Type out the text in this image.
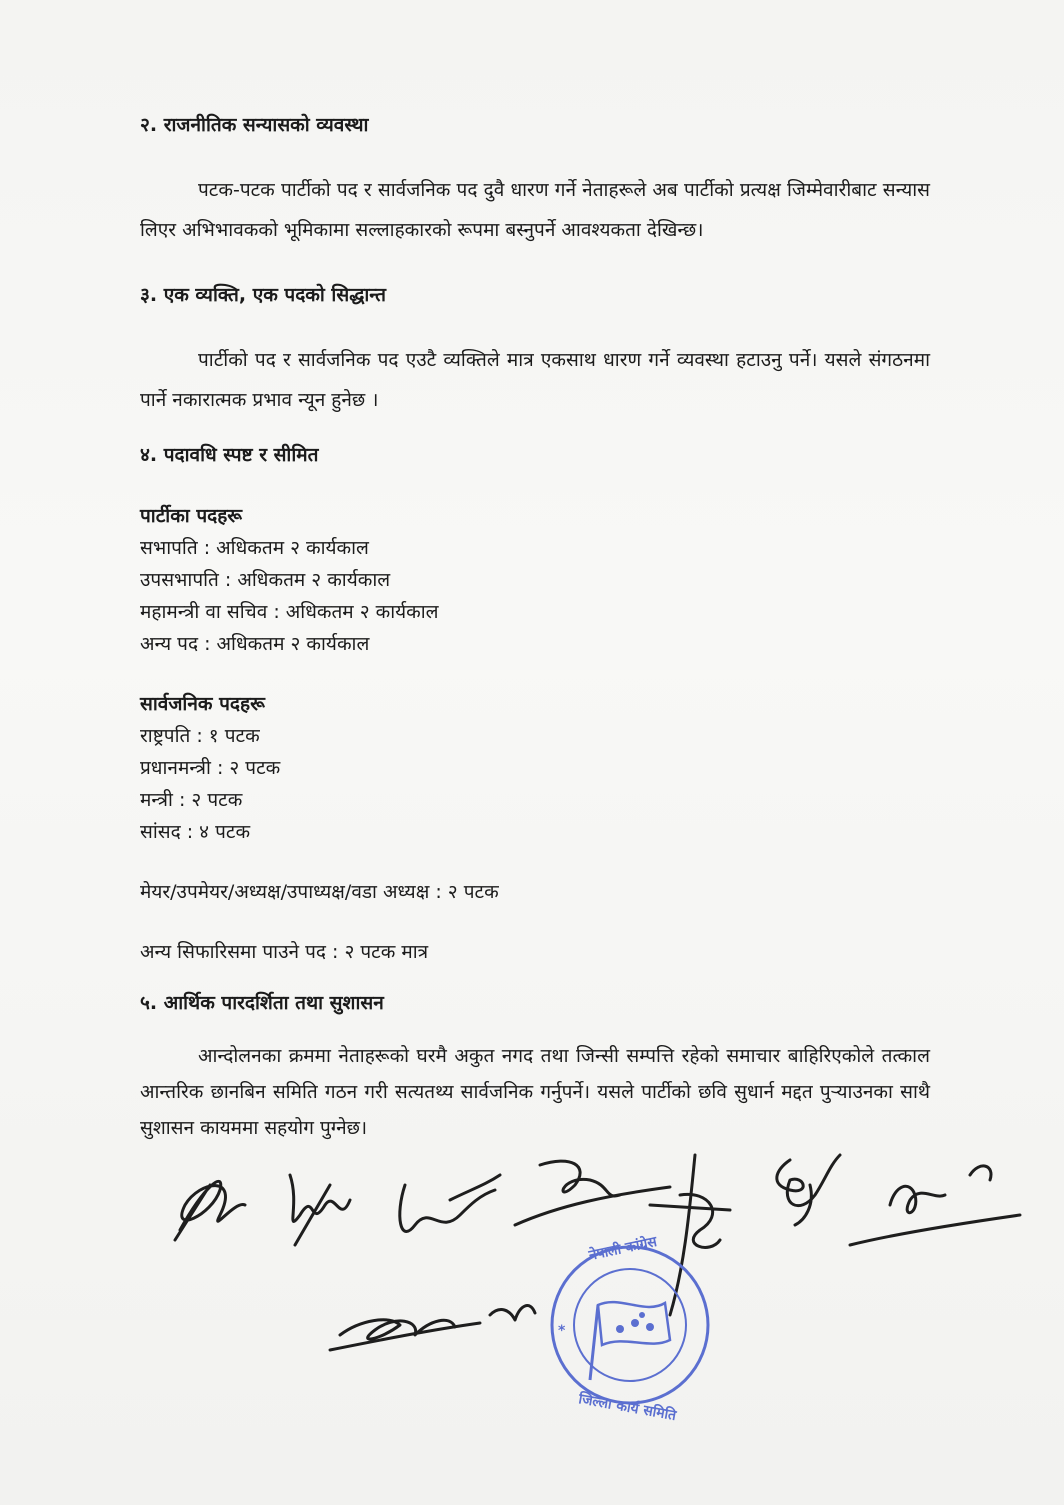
२. राजनीतिक सन्यासको व्यवस्था

पटक-पटक पार्टीको पद र सार्वजनिक पद दुवै धारण गर्ने नेताहरूले अब पार्टीको प्रत्यक्ष जिम्मेवारीबाट सन्यास लिएर अभिभावकको भूमिकामा सल्लाहकारको रूपमा बस्नुपर्ने आवश्यकता देखिन्छ।

३. एक व्यक्ति, एक पदको सिद्धान्त

पार्टीको पद र सार्वजनिक पद एउटै व्यक्तिले मात्र एकसाथ धारण गर्ने व्यवस्था हटाउनु पर्ने। यसले संगठनमा पार्ने नकारात्मक प्रभाव न्यून हुनेछ ।

४. पदावधि स्पष्ट र सीमित

पार्टीका पदहरू

सभापति : अधिकतम २ कार्यकाल
उपसभापति : अधिकतम २ कार्यकाल
महामन्त्री वा सचिव : अधिकतम २ कार्यकाल
अन्य पद : अधिकतम २ कार्यकाल

सार्वजनिक पदहरू

राष्ट्रपति : १ पटक
प्रधानमन्त्री : २ पटक
मन्त्री : २ पटक
सांसद : ४ पटक

मेयर/उपमेयर/अध्यक्ष/उपाध्यक्ष/वडा अध्यक्ष : २ पटक

अन्य सिफारिसमा पाउने पद : २ पटक मात्र

५. आर्थिक पारदर्शिता तथा सुशासन

आन्दोलनका क्रममा नेताहरूको घरमै अकुत नगद तथा जिन्सी सम्पत्ति रहेको समाचार बाहिरिएकोले तत्काल आन्तरिक छानबिन समिति गठन गरी सत्यतथ्य सार्वजनिक गर्नुपर्ने। यसले पार्टीको छवि सुधार्न मद्दत पुऱ्याउनका साथै सुशासन कायममा सहयोग पुग्नेछ।

नेपाली कांग्रेस
जिल्ला कार्य समिति
*
